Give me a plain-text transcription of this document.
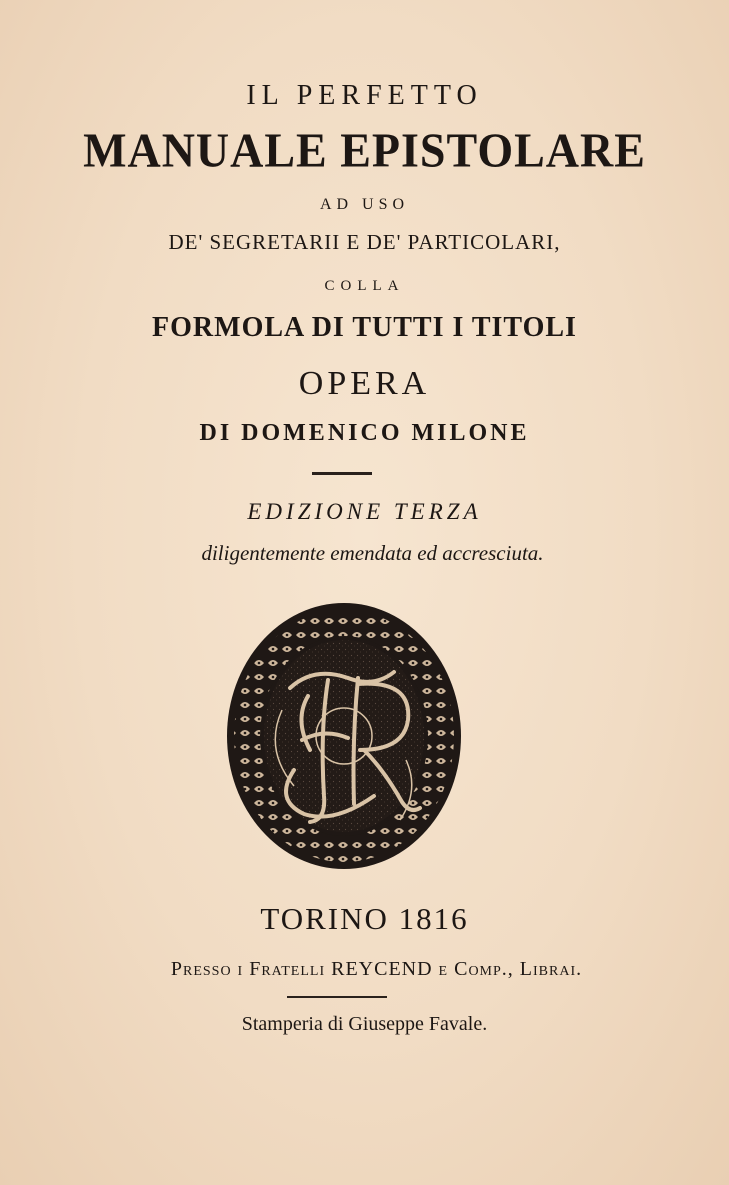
IL PERFETTO
MANUALE EPISTOLARE
AD USO
DE' SEGRETARII E DE' PARTICOLARI,
COLLA
FORMOLA DI TUTTI I TITOLI
OPERA
DI DOMENICO MILONE
EDIZIONE TERZA
diligentemente emendata ed accresciuta.
TORINO 1816
Presso i Fratelli REYCEND e Comp., Librai.
Stamperia di Giuseppe Favale.
